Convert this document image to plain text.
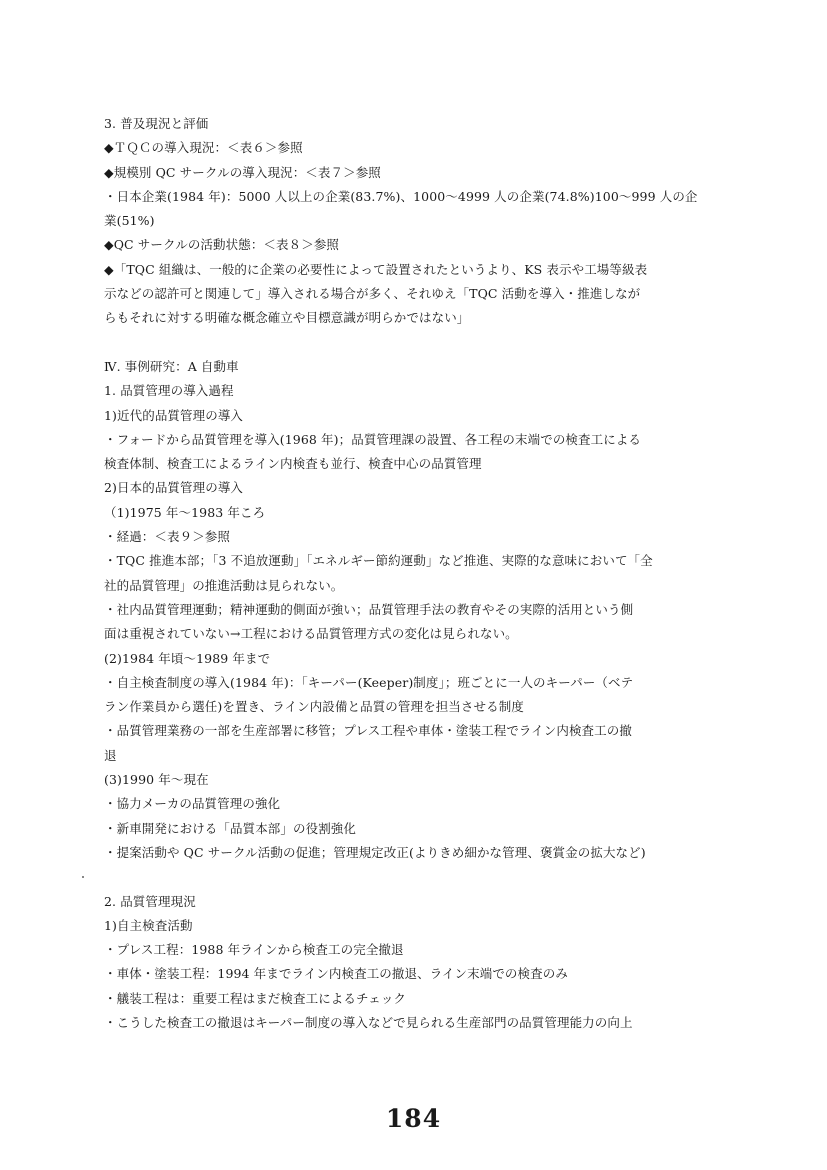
3. 普及現況と評価
◆ＴＱＣの導入現況：＜表６＞参照
◆規模別 QC サークルの導入現況：＜表７＞参照
・日本企業(1984 年)：5000 人以上の企業(83.7%)、1000～4999 人の企業(74.8%)100～999 人の企
業(51%)
◆QC サークルの活動状態：＜表８＞参照
◆「TQC 組織は、一般的に企業の必要性によって設置されたというより、KS 表示や工場等級表
示などの認許可と関連して」導入される場合が多く、それゆえ「TQC 活動を導入・推進しなが
らもそれに対する明確な概念確立や目標意識が明らかではない」
Ⅳ. 事例研究：A 自動車
1. 品質管理の導入過程
1)近代的品質管理の導入
・フォードから品質管理を導入(1968 年)；品質管理課の設置、各工程の末端での検査工による
検査体制、検査工によるライン内検査も並行、検査中心の品質管理
2)日本的品質管理の導入
（1)1975 年～1983 年ころ
・経過：＜表９＞参照
・TQC 推進本部；「3 不追放運動」「エネルギー節約運動」など推進、実際的な意味において「全
社的品質管理」の推進活動は見られない。
・社内品質管理運動；精神運動的側面が強い；品質管理手法の教育やその実際的活用という側
面は重視されていない→工程における品質管理方式の変化は見られない。
(2)1984 年頃～1989 年まで
・自主検査制度の導入(1984 年)：「キーパー(Keeper)制度」；班ごとに一人のキーパー（ベテ
ラン作業員から選任)を置き、ライン内設備と品質の管理を担当させる制度
・品質管理業務の一部を生産部署に移管；プレス工程や車体・塗装工程でライン内検査工の撤
退
(3)1990 年～現在
・協力メーカの品質管理の強化
・新車開発における「品質本部」の役割強化
・提案活動や QC サークル活動の促進；管理規定改正(よりきめ細かな管理、褒賞金の拡大など)
2. 品質管理現況
1)自主検査活動
・プレス工程：1988 年ラインから検査工の完全撤退
・車体・塗装工程：1994 年までライン内検査工の撤退、ライン末端での検査のみ
・艤装工程は：重要工程はまだ検査工によるチェック
・こうした検査工の撤退はキーパー制度の導入などで見られる生産部門の品質管理能力の向上
184
